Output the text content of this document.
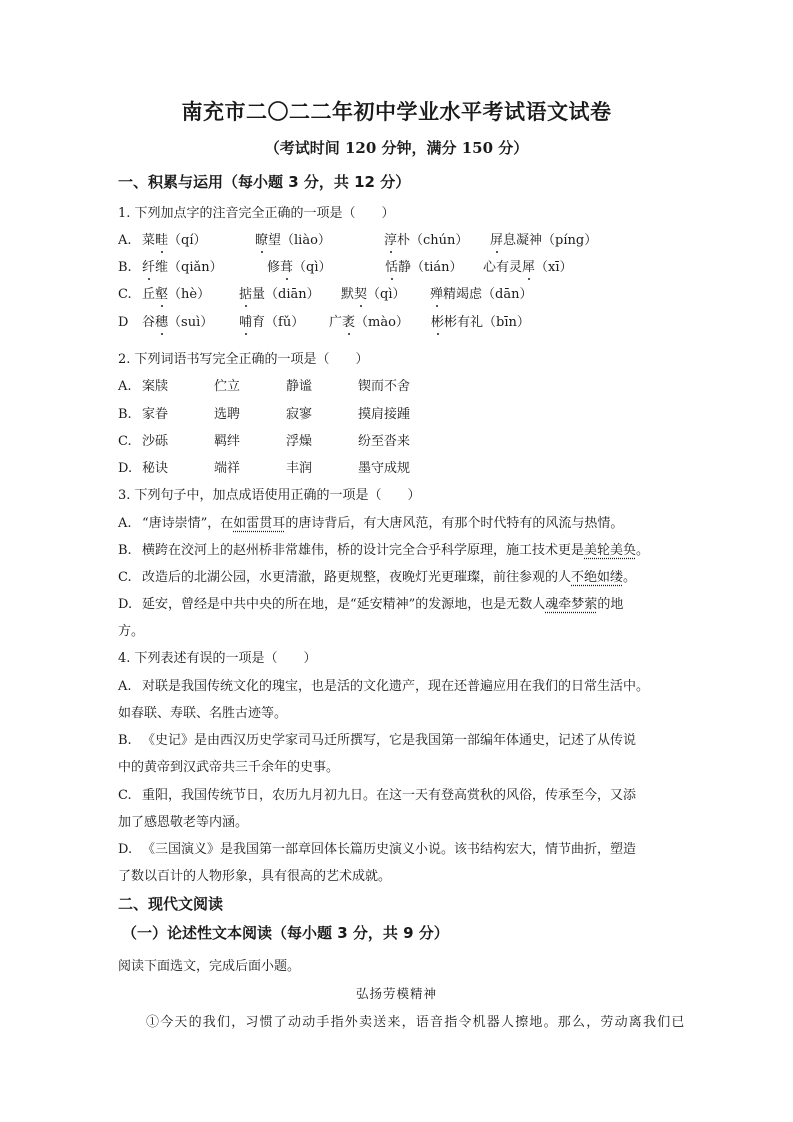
南充市二〇二二年初中学业水平考试语文试卷
（考试时间 120 分钟，满分 150 分）
一、积累与运用（每小题 3 分，共 12 分）
1. 下列加点字的注音完全正确的一项是（　　）
A. 菜畦（qí）	瞭望（liào）	淳朴（chún） 屏息凝神（píng）
B. 纤维（qiǎn）	修葺（qì）	恬静（tián） 心有灵犀（xī）
C. 丘壑（hè） 掂量（diān） 默契（qì） 殚精竭虑（dān）
D 谷穗（suì） 哺育（fǔ） 广袤（mào） 彬彬有礼（bīn）
2. 下列词语书写完全正确的一项是（　　）
A. 案牍	伫立	静谧	锲而不舍
B. 家眷	选聘	寂寥	摸肩接踵
C. 沙砾	羁绊	浮燥	纷至沓来
D. 秘诀	端祥	丰润	墨守成规
3. 下列句子中，加点成语使用正确的一项是（　　）
A. “唐诗崇情”，在如雷贯耳的唐诗背后，有大唐风范，有那个时代特有的风流与热情。
B. 横跨在洨河上的赵州桥非常雄伟，桥的设计完全合乎科学原理，施工技术更是美轮美奂。
C. 改造后的北湖公园，水更清澈，路更规整，夜晚灯光更璀璨，前往参观的人不绝如缕。
D. 延安，曾经是中共中央的所在地，是“延安精神”的发源地，也是无数人魂牵梦萦的地
方。
4. 下列表述有误的一项是（　　）
A. 对联是我国传统文化的瑰宝，也是活的文化遗产，现在还普遍应用在我们的日常生活中。
如春联、寿联、名胜古迹等。
B. 《史记》是由西汉历史学家司马迁所撰写，它是我国第一部编年体通史，记述了从传说
中的黄帝到汉武帝共三千余年的史事。
C. 重阳，我国传统节日，农历九月初九日。在这一天有登高赏秋的风俗，传承至今，又添
加了感恩敬老等内涵。
D. 《三国演义》是我国第一部章回体长篇历史演义小说。该书结构宏大，情节曲折，塑造
了数以百计的人物形象，具有很高的艺术成就。
二、现代文阅读
（一）论述性文本阅读（每小题 3 分，共 9 分）
阅读下面选文，完成后面小题。
弘扬劳模精神
①今天的我们，习惯了动动手指外卖送来，语音指令机器人擦地。那么，劳动离我们已
